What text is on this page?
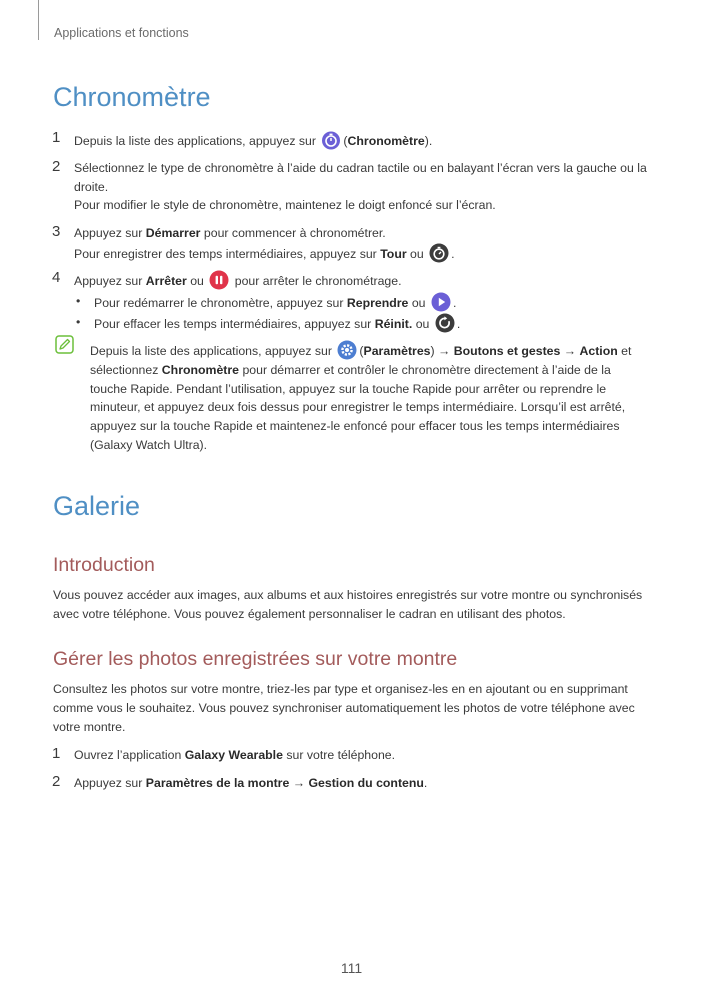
Applications et fonctions
Chronomètre
1 Depuis la liste des applications, appuyez sur (Chronomètre).
2 Sélectionnez le type de chronomètre à l’aide du cadran tactile ou en balayant l’écran vers la gauche ou la droite.
Pour modifier le style de chronomètre, maintenez le doigt enfoncé sur l’écran.
3 Appuyez sur Démarrer pour commencer à chronométrer.
Pour enregistrer des temps intermédiaires, appuyez sur Tour ou .
4 Appuyez sur Arrêter ou	pour arrêter le chronométrage.
• Pour redémarrer le chronomètre, appuyez sur Reprendre ou .
• Pour effacer les temps intermédiaires, appuyez sur Réinit. ou .
Depuis la liste des applications, appuyez sur (Paramètres) → Boutons et gestes → Action et sélectionnez Chronomètre pour démarrer et contrôler le chronomètre directement à l’aide de la touche Rapide. Pendant l’utilisation, appuyez sur la touche Rapide pour arrêter ou reprendre le minuteur, et appuyez deux fois dessus pour enregistrer le temps intermédiaire. Lorsqu’il est arrêté, appuyez sur la touche Rapide et maintenez-le enfoncé pour effacer tous les temps intermédiaires (Galaxy Watch Ultra).
Galerie
Introduction
Vous pouvez accéder aux images, aux albums et aux histoires enregistrés sur votre montre ou synchronisés avec votre téléphone. Vous pouvez également personnaliser le cadran en utilisant des photos.
Gérer les photos enregistrées sur votre montre
Consultez les photos sur votre montre, triez-les par type et organisez-les en en ajoutant ou en supprimant comme vous le souhaitez. Vous pouvez synchroniser automatiquement les photos de votre téléphone avec votre montre.
1 Ouvrez l’application Galaxy Wearable sur votre téléphone.
2 Appuyez sur Paramètres de la montre → Gestion du contenu.
111
